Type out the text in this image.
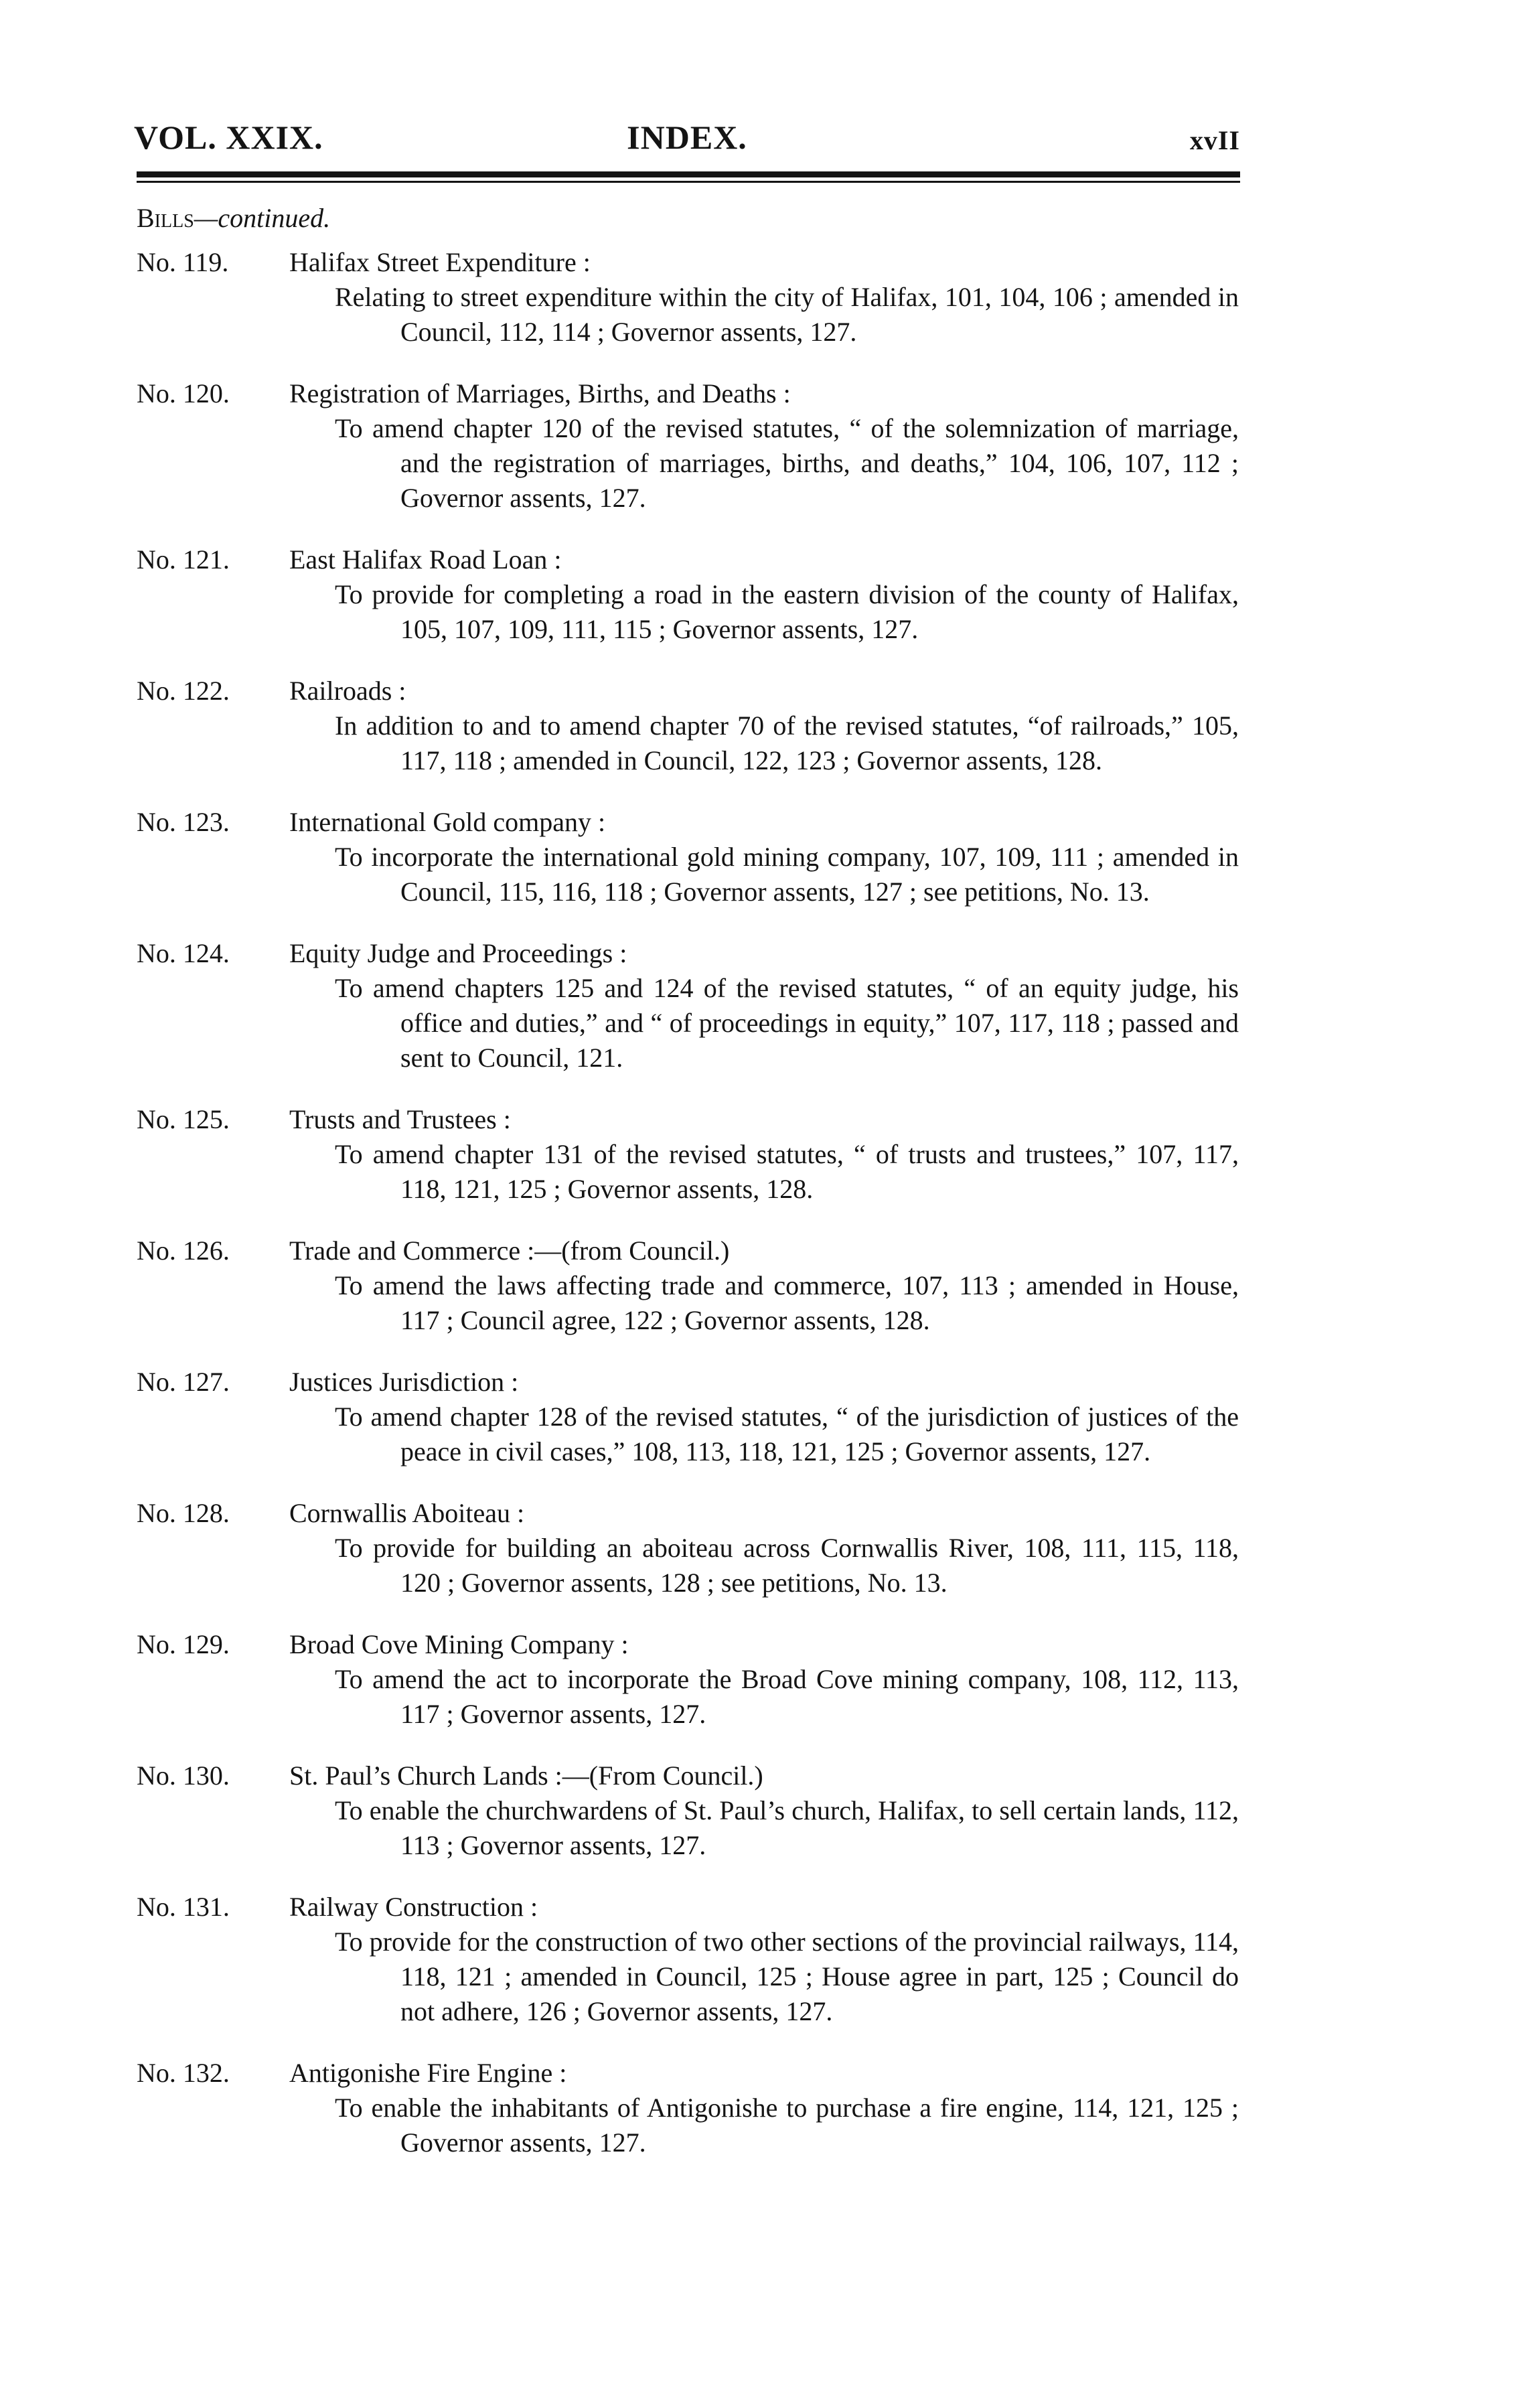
VOL. XXIX.	INDEX.	xvII
Bills—continued.
No. 119. Halifax Street Expenditure :
Relating to street expenditure within the city of Halifax, 101, 104, 106 ; amended in Council, 112, 114 ; Governor assents, 127.
No. 120. Registration of Marriages, Births, and Deaths :
To amend chapter 120 of the revised statutes, “ of the solemnization of marriage, and the registration of marriages, births, and deaths,” 104, 106, 107, 112 ; Governor assents, 127.
No. 121. East Halifax Road Loan :
To provide for completing a road in the eastern division of the county of Halifax, 105, 107, 109, 111, 115 ; Governor assents, 127.
No. 122. Railroads :
In addition to and to amend chapter 70 of the revised statutes, “of railroads,” 105, 117, 118 ; amended in Council, 122, 123 ; Governor assents, 128.
No. 123. International Gold company :
To incorporate the international gold mining company, 107, 109, 111 ; amended in Council, 115, 116, 118 ; Governor assents, 127 ; see petitions, No. 13.
No. 124. Equity Judge and Proceedings :
To amend chapters 125 and 124 of the revised statutes, “ of an equity judge, his office and duties,” and “ of proceedings in equity,” 107, 117, 118 ; passed and sent to Council, 121.
No. 125. Trusts and Trustees :
To amend chapter 131 of the revised statutes, “ of trusts and trustees,” 107, 117, 118, 121, 125 ; Governor assents, 128.
No. 126. Trade and Commerce :—(from Council.)
To amend the laws affecting trade and commerce, 107, 113 ; amended in House, 117 ; Council agree, 122 ; Governor assents, 128.
No. 127. Justices Jurisdiction :
To amend chapter 128 of the revised statutes, “ of the jurisdiction of justices of the peace in civil cases,” 108, 113, 118, 121, 125 ; Governor assents, 127.
No. 128. Cornwallis Aboiteau :
To provide for building an aboiteau across Cornwallis River, 108, 111, 115, 118, 120 ; Governor assents, 128 ; see petitions, No. 13.
No. 129. Broad Cove Mining Company :
To amend the act to incorporate the Broad Cove mining company, 108, 112, 113, 117 ; Governor assents, 127.
No. 130. St. Paul’s Church Lands :—(From Council.)
To enable the churchwardens of St. Paul’s church, Halifax, to sell certain lands, 112, 113 ; Governor assents, 127.
No. 131. Railway Construction :
To provide for the construction of two other sections of the provincial railways, 114, 118, 121 ; amended in Council, 125 ; House agree in part, 125 ; Council do not adhere, 126 ; Governor assents, 127.
No. 132. Antigonishe Fire Engine :
To enable the inhabitants of Antigonishe to purchase a fire engine, 114, 121, 125 ; Governor assents, 127.
